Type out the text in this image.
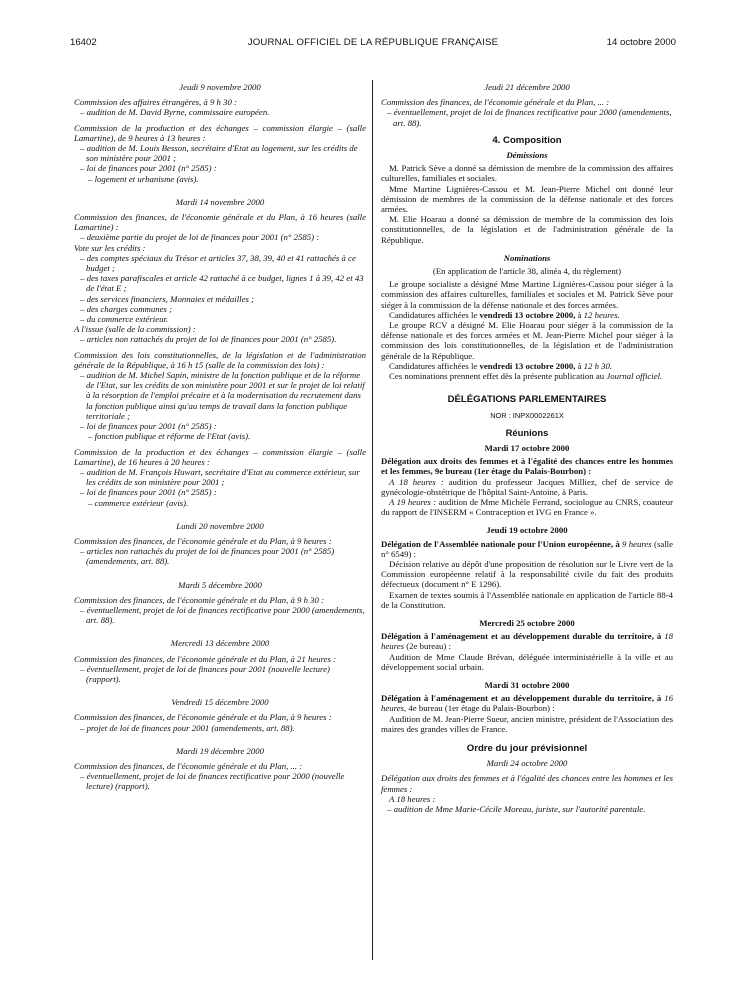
16402	JOURNAL OFFICIEL DE LA RÉPUBLIQUE FRANÇAISE	14 octobre 2000
Jeudi 9 novembre 2000
Commission des affaires étrangères, à 9 h 30 :
– audition de M. David Byrne, commissaire européen.
Commission de la production et des échanges – commission élargie – (salle Lamartine), de 9 heures à 13 heures :
– audition de M. Louis Besson, secrétaire d'Etat au logement, sur les crédits de son ministère pour 2001 ;
– loi de finances pour 2001 (n° 2585) :
– logement et urbanisme (avis).
Mardi 14 novembre 2000
Commission des finances, de l'économie générale et du Plan, à 16 heures (salle Lamartine) :
– deuxième partie du projet de loi de finances pour 2001 (n° 2585) :
Vote sur les crédits :
– des comptes spéciaux du Trésor et articles 37, 38, 39, 40 et 41 rattachés à ce budget ;
– des taxes parafiscales et article 42 rattaché à ce budget, lignes 1 à 39, 42 et 43 de l'état E ;
– des services financiers, Monnaies et médailles ;
– des charges communes ;
– du commerce extérieur.
A l'issue (salle de la commission) :
– articles non rattachés du projet de loi de finances pour 2001 (n° 2585).
Commission des lois constitutionnelles, de la législation et de l'administration générale de la République, à 16 h 15 (salle de la commission des lois) :
– audition de M. Michel Sapin, ministre de la fonction publique et de la réforme de l'Etat, sur les crédits de son ministère pour 2001 et sur le projet de loi relatif à la résorption de l'emploi précaire et à la modernisation du recrutement dans la fonction publique ainsi qu'au temps de travail dans la fonction publique territoriale ;
– loi de finances pour 2001 (n° 2585) :
– fonction publique et réforme de l'Etat (avis).
Commission de la production et des échanges – commission élargie – (salle Lamartine), de 16 heures à 20 heures :
– audition de M. François Huwart, secrétaire d'Etat au commerce extérieur, sur les crédits de son ministère pour 2001 ;
– loi de finances pour 2001 (n° 2585) :
– commerce extérieur (avis).
Lundi 20 novembre 2000
Commission des finances, de l'économie générale et du Plan, à 9 heures :
– articles non rattachés du projet de loi de finances pour 2001 (n° 2585) (amendements, art. 88).
Mardi 5 décembre 2000
Commission des finances, de l'économie générale et du Plan, à 9 h 30 :
– éventuellement, projet de loi de finances rectificative pour 2000 (amendements, art. 88).
Mercredi 13 décembre 2000
Commission des finances, de l'économie générale et du Plan, à 21 heures :
– éventuellement, projet de loi de finances pour 2001 (nouvelle lecture) (rapport).
Vendredi 15 décembre 2000
Commission des finances, de l'économie générale et du Plan, à 9 heures :
– projet de loi de finances pour 2001 (amendements, art. 88).
Mardi 19 décembre 2000
Commission des finances, de l'économie générale et du Plan, ... :
– éventuellement, projet de loi de finances rectificative pour 2000 (nouvelle lecture) (rapport).
Jeudi 21 décembre 2000
Commission des finances, de l'économie générale et du Plan, ... :
– éventuellement, projet de loi de finances rectificative pour 2000 (amendements, art. 88).
4. Composition
Démissions
M. Patrick Sève a donné sa démission de membre de la commission des affaires culturelles, familiales et sociales.
Mme Martine Lignières-Cassou et M. Jean-Pierre Michel ont donné leur démission de membres de la commission de la défense nationale et des forces armées.
M. Elie Hoarau a donné sa démission de membre de la commission des lois constitutionnelles, de la législation et de l'administration générale de la République.
Nominations
(En application de l'article 38, alinéa 4, du règlement)
Le groupe socialiste a désigné Mme Martine Lignières-Cassou pour siéger à la commission des affaires culturelles, familiales et sociales et M. Patrick Sève pour siéger à la commission de la défense nationale et des forces armées.
Candidatures affichées le vendredi 13 octobre 2000, à 12 heures.
Le groupe RCV a désigné M. Elie Hoarau pour siéger à la commission de la défense nationale et des forces armées et M. Jean-Pierre Michel pour siéger à la commission des lois constitutionnelles, de la législation et de l'administration générale de la République.
Candidatures affichées le vendredi 13 octobre 2000, à 12 h 30.
Ces nominations prennent effet dès la présente publication au Journal officiel.
DÉLÉGATIONS PARLEMENTAIRES
NOR : INPX0002261X
Réunions
Mardi 17 octobre 2000
Délégation aux droits des femmes et à l'égalité des chances entre les hommes et les femmes, 9e bureau (1er étage du Palais-Bourbon) :
A 18 heures : audition du professeur Jacques Milliez, chef de service de gynécologie-obstétrique de l'hôpital Saint-Antoine, à Paris.
A 19 heures : audition de Mme Michèle Ferrand, sociologue au CNRS, coauteur du rapport de l'INSERM « Contraception et IVG en France ».
Jeudi 19 octobre 2000
Délégation de l'Assemblée nationale pour l'Union européenne, à 9 heures (salle n° 6549) :
Décision relative au dépôt d'une proposition de résolution sur le Livre vert de la Commission européenne relatif à la responsabilité civile du fait des produits défectueux (document n° E 1296).
Examen de textes soumis à l'Assemblée nationale en application de l'article 88-4 de la Constitution.
Mercredi 25 octobre 2000
Délégation à l'aménagement et au développement durable du territoire, à 18 heures (2e bureau) :
Audition de Mme Claude Brévan, déléguée interministérielle à la ville et au développement social urbain.
Mardi 31 octobre 2000
Délégation à l'aménagement et au développement durable du territoire, à 16 heures, 4e bureau (1er étage du Palais-Bourbon) :
Audition de M. Jean-Pierre Sueur, ancien ministre, président de l'Association des maires des grandes villes de France.
Ordre du jour prévisionnel
Mardi 24 octobre 2000
Délégation aux droits des femmes et à l'égalité des chances entre les hommes et les femmes :
A 18 heures :
– audition de Mme Marie-Cécile Moreau, juriste, sur l'autorité parentale.
